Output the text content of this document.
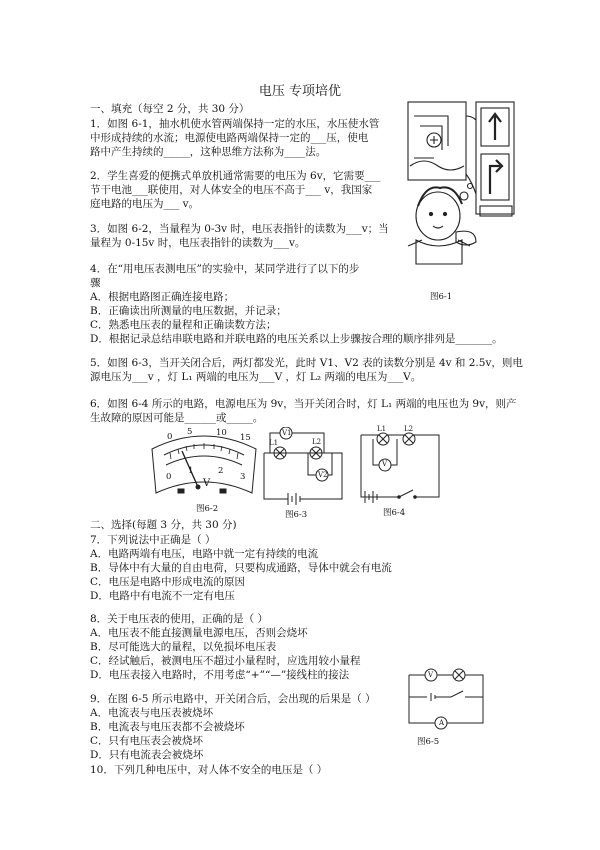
电压 专项培优
一、填充（每空 2 分，共 30 分）
1．如图 6-1，抽水机使水管两端保持一定的水压，水压使水管
中形成持续的水流；电源使电路两端保持一定的___压，使电
路中产生持续的_____，这种思维方法称为____法。
2．学生喜爱的便携式单放机通常需要的电压为 6v，它需要___
节干电池___联使用，对人体安全的电压不高于___ v，我国家
庭电路的电压为___ v。
3．如图 6-2，当量程为 0-3v 时，电压表指针的读数为___v；当
量程为 0-15v 时，电压表指针的读数为___v。
4．在“用电压表测电压”的实验中，某同学进行了以下的步
骤
A．根据电路图正确连接电路；
B．正确读出所测量的电压数据，并记录；
C．熟悉电压表的量程和正确读数方法；
D．根据记录总结串联电路和并联电路的电压关系以上步骤按合理的顺序排列是_______。
5．如图 6-3，当开关闭合后，两灯都发光，此时 V1、V2 表的读数分别是 4v 和 2.5v，则电
源电压为___v ，灯 L₁ 两端的电压为___V ，灯 L₂ 两端的电压为___V。
6．如图 6-4 所示的电路，电源电压为 9v，当开关闭合时，灯 L₁ 两端的电压也为 9v，则产
生故障的原因可能是______或_____。
二、选择(每题 3 分，共 30 分)
7．下列说法中正确是（ ）
A．电路两端有电压，电路中就一定有持续的电流
B．导体中有大量的自由电荷，只要构成通路，导体中就会有电流
C．电压是电路中形成电流的原因
D．电路中有电流不一定有电压
8．关于电压表的使用，正确的是（ ）
A．电压表不能直接测量电源电压，否则会烧坏
B．尽可能选大的量程，以免损坏电压表
C．经试触后，被测电压不超过小量程时，应选用较小量程
D．电压表接入电路时，不用考虑“+”“—”接线柱的接法
9．在图 6-5 所示电路中，开关闭合后，会出现的后果是（ ）
A．电流表与电压表被烧坏
B．电流表与电压表都不会被烧坏
C．只有电压表会被烧坏
D．只有电流表会被烧坏
10．下列几种电压中，对人体不安全的电压是（ ）
图6-1
0 5	10 15
0
1	2
3
V
图6-2
V1
V2
L1	L2
图6-3
L1	L2
V
图6-4
V
A
图6-5
